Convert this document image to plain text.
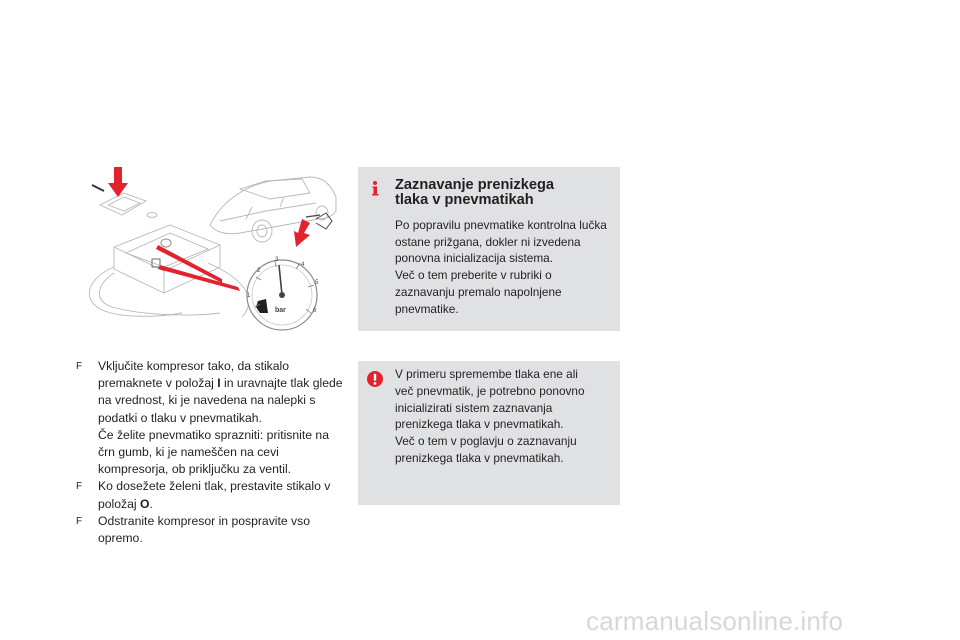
1
2
3
4
5
6
bar
F Vključite kompresor tako, da stikalo premaknete v položaj I in uravnajte tlak glede na vrednost, ki je navedena na nalepki s podatki o tlaku v pnevmatikah.
Če želite pnevmatiko sprazniti: pritisnite na črn gumb, ki je nameščen na cevi kompresorja, ob priključku za ventil.
F Ko dosežete želeni tlak, prestavite stikalo v položaj O.
F Odstranite kompresor in pospravite vso opremo.
Zaznavanje prenizkega
tlaka v pnevmatikah
Po popravilu pnevmatike kontrolna lučka
ostane prižgana, dokler ni izvedena
ponovna inicializacija sistema.
Več o tem preberite v rubriki o
zaznavanju premalo napolnjene
pnevmatike.
V primeru spremembe tlaka ene ali
več pnevmatik, je potrebno ponovno
inicializirati sistem zaznavanja
prenizkega tlaka v pnevmatikah.
Več o tem v poglavju o zaznavanju
prenizkega tlaka v pnevmatikah.
carmanualsonline.info
